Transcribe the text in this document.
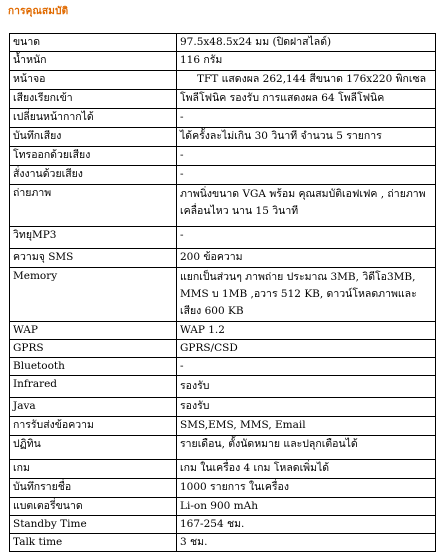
การคุณสมบัติ
ขนาด	97.5x48.5x24 มม (ปิดฝาสไลด์)
น้ำหนัก	116 กรัม
หน้าจอ	TFT แสดงผล 262,144 สีขนาด 176x220 พิกเซล
เสียงเรียกเข้า	โพลีโฟนิค รองรับ การแสดงผล 64 โพลีโฟนิค
เปลี่ยนหน้ากากได้	-
บันทึกเสียง	ได้ครั้งละไม่เกิน 30 วินาที จำนวน 5 รายการ
โทรออกด้วยเสียง	-
สั่งงานด้วยเสียง	-
ถ่ายภาพ	ภาพนิ่งขนาด VGA พร้อม คุณสมบัติเอฟเฟค , ถ่ายภาพเคลื่อนไหว นาน 15 วินาที
วิทยุMP3	-
ความจุ SMS	200 ข้อความ
Memory	แยกเป็นส่วนๆ ภาพถ่าย ประมาณ 3MB, วิดีโอ3MB, MMS บ 1MB ,อวาร 512 KB, ดาวน์โหลดภาพและเสียง 600 KB
WAP	WAP 1.2
GPRS	GPRS/CSD
Bluetooth	-
Infrared	รองรับ
Java	รองรับ
การรับส่งข้อความ	SMS,EMS, MMS, Email
ปฏิทิน	รายเดือน, ตั้งนัดหมาย และปลุกเตือนได้
เกม	เกม ในเครื่อง 4 เกม โหลดเพิ่มได้
บันทึกรายชื่อ	1000 รายการ ในเครื่อง
แบตเตอรี่ขนาด	Li-on 900 mAh
Standby Time	167-254 ชม.
Talk time	3 ชม.
